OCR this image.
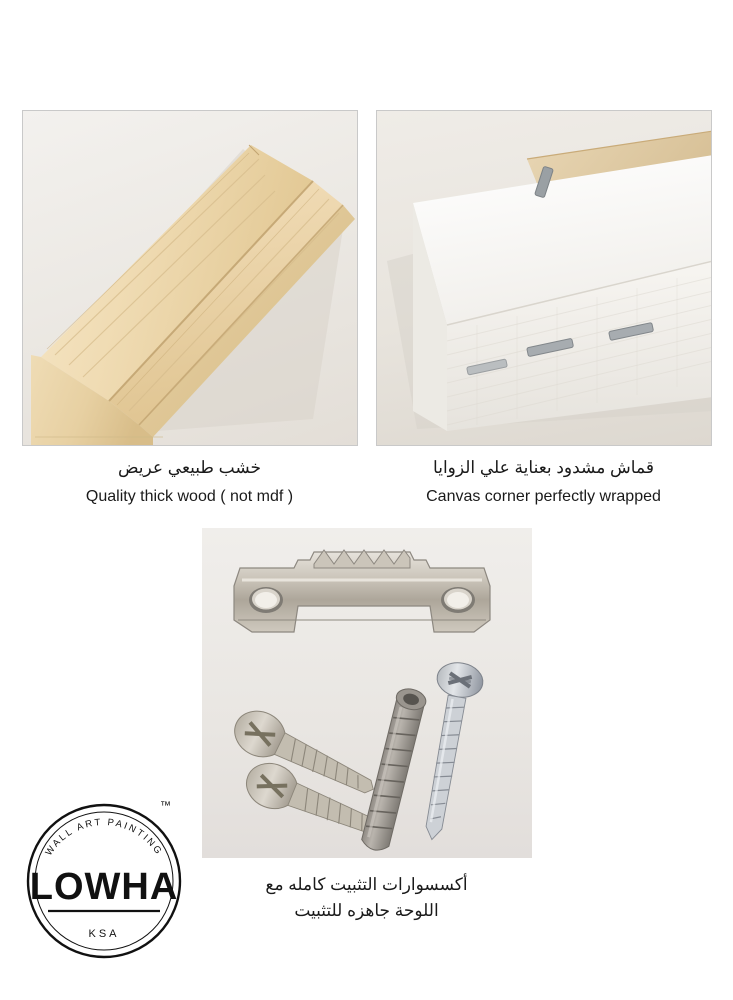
خشب طبيعي عريض
Quality thick wood ( not mdf )
قماش مشدود بعناية علي الزوايا
Canvas corner perfectly wrapped
أكسسوارات التثبيت كامله مع
اللوحة جاهزه للتثبيت
WALL ART PAINTING
LOWHA
KSA
™
